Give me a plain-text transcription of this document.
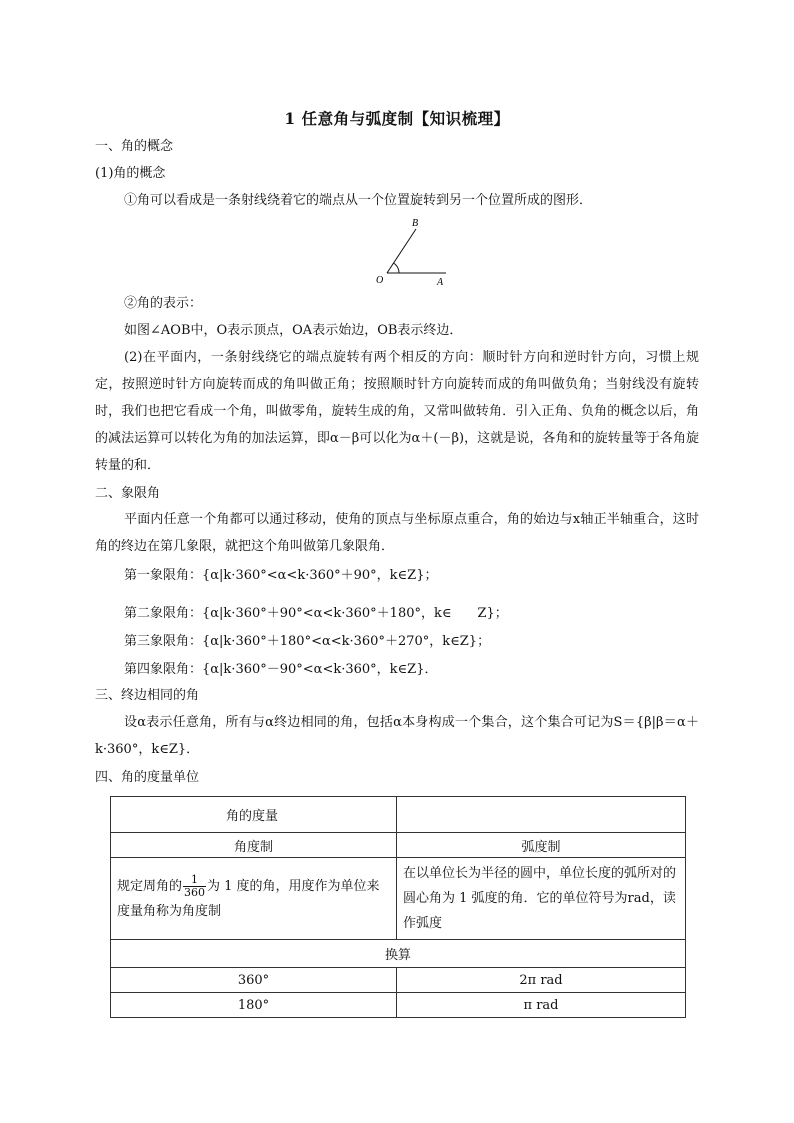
1 任意角与弧度制【知识梳理】
一、角的概念
(1)角的概念
①角可以看成是一条射线绕着它的端点从一个位置旋转到另一个位置所成的图形．
B
O	A
②角的表示：
如图∠AOB中，O表示顶点，OA表示始边，OB表示终边．
(2)在平面内，一条射线绕它的端点旋转有两个相反的方向：顺时针方向和逆时针方向，习惯上规定，按照逆时针方向旋转而成的角叫做正角；按照顺时针方向旋转而成的角叫做负角；当射线没有旋转时，我们也把它看成一个角，叫做零角，旋转生成的角，又常叫做转角．引入正角、负角的概念以后，角的减法运算可以转化为角的加法运算，即α－β可以化为α＋(－β)，这就是说，各角和的旋转量等于各角旋转量的和．
二、象限角
平面内任意一个角都可以通过移动，使角的顶点与坐标原点重合，角的始边与x轴正半轴重合，这时角的终边在第几象限，就把这个角叫做第几象限角．
第一象限角：{α|k·360°<α<k·360°＋90°，k∈Z}；
第二象限角：{α|k·360°＋90°<α<k·360°＋180°，k∈　　Z}；
第三象限角：{α|k·360°＋180°<α<k·360°＋270°，k∈Z}；
第四象限角：{α|k·360°－90°<α<k·360°，k∈Z}．
三、终边相同的角
设α表示任意角，所有与α终边相同的角，包括α本身构成一个集合，这个集合可记为S＝{β|β＝α＋k·360°，k∈Z}．
四、角的度量单位
角的度量	
角度制	弧度制

规定周角的 $\frac{1}{360}$ 为 1 度的角，用度作为单位来度量角称为角度制	在以单位长为半径的圆中，单位长度的弧所对的圆心角为 1 弧度的角．它的单位符号为rad，读作弧度

换算	
360°	2π rad
180°	π rad
